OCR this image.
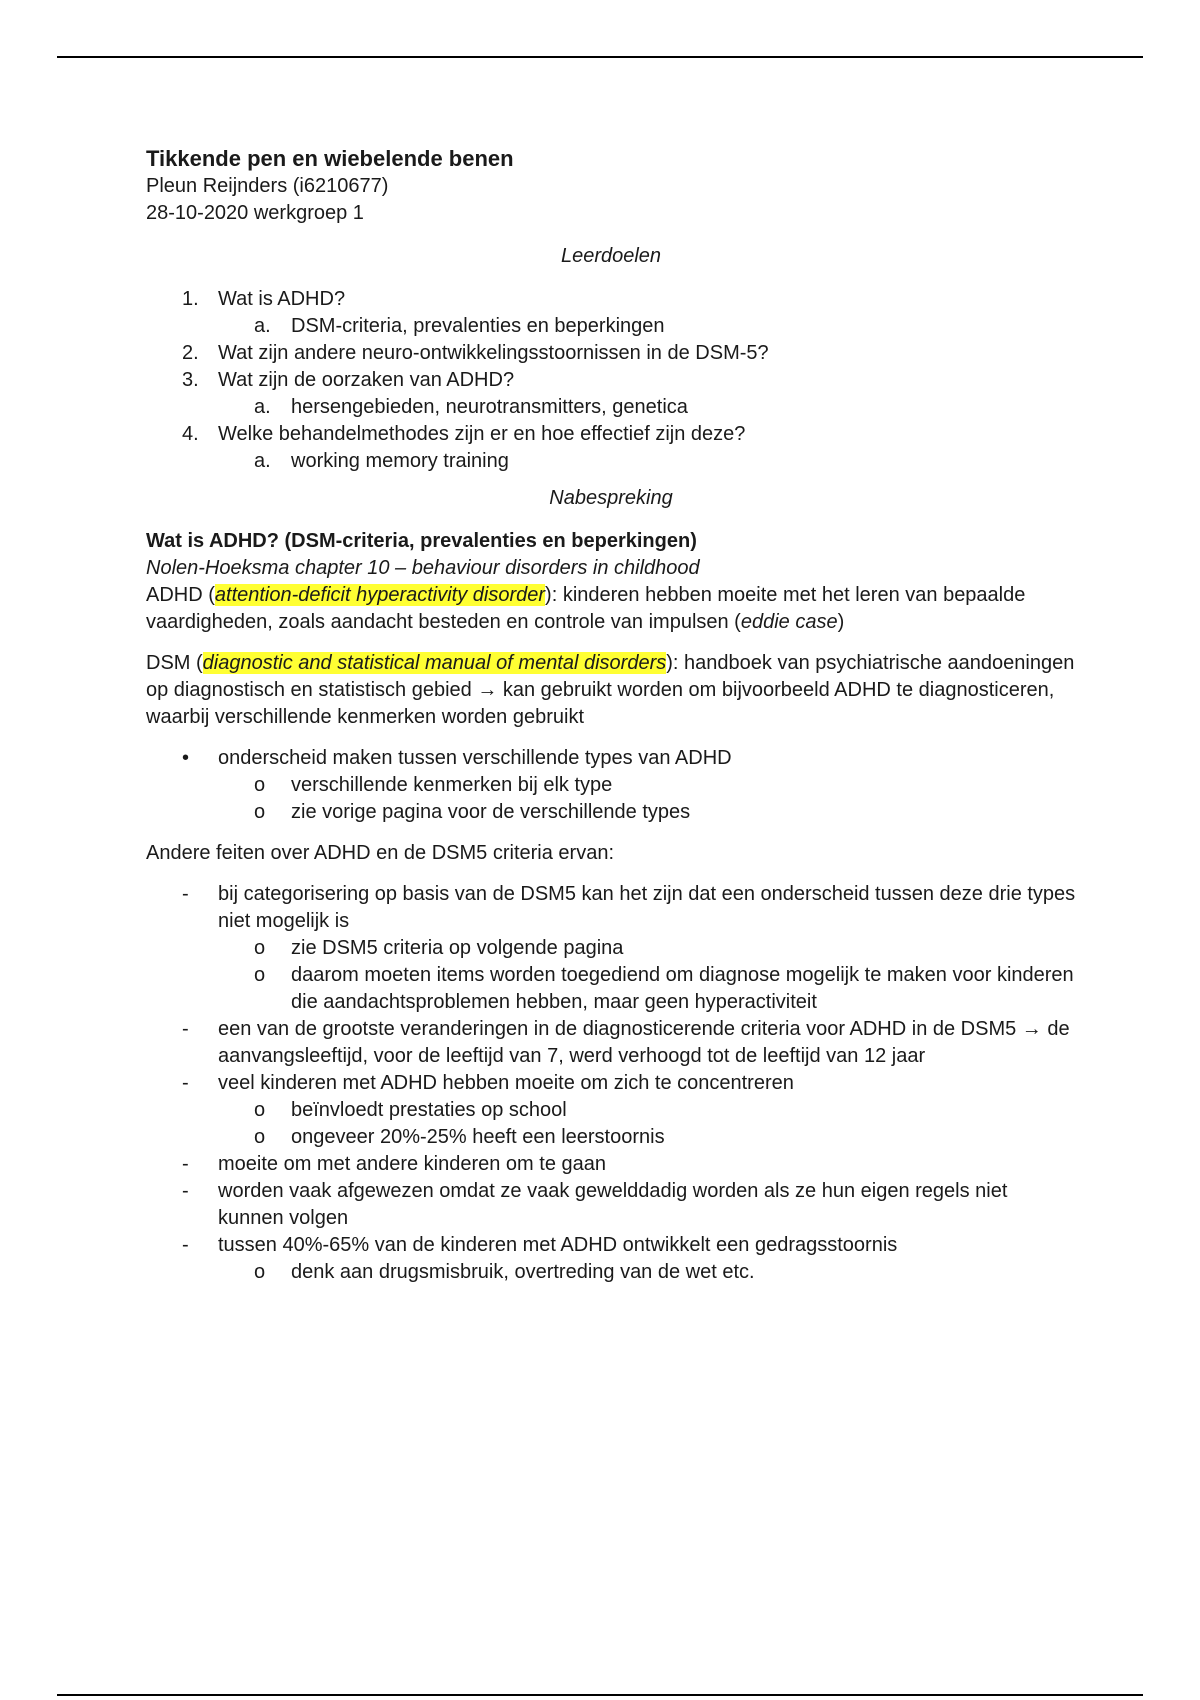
Tikkende pen en wiebelende benen

Pleun Reijnders (i6210677)

28-10-2020 werkgroep 1

Leerdoelen

1. Wat is ADHD?
a. DSM-criteria, prevalenties en beperkingen
2. Wat zijn andere neuro-ontwikkelingsstoornissen in de DSM-5?
3. Wat zijn de oorzaken van ADHD?
a. hersengebieden, neurotransmitters, genetica
4. Welke behandelmethodes zijn er en hoe effectief zijn deze?
a. working memory training

Nabespreking

Wat is ADHD? (DSM-criteria, prevalenties en beperkingen)

Nolen-Hoeksma chapter 10 – behaviour disorders in childhood

ADHD (attention-deficit hyperactivity disorder): kinderen hebben moeite met het leren van bepaalde vaardigheden, zoals aandacht besteden en controle van impulsen (eddie case)

DSM (diagnostic and statistical manual of mental disorders): handboek van psychiatrische aandoeningen op diagnostisch en statistisch gebied → kan gebruikt worden om bijvoorbeeld ADHD te diagnosticeren, waarbij verschillende kenmerken worden gebruikt

• onderscheid maken tussen verschillende types van ADHD
o verschillende kenmerken bij elk type
o zie vorige pagina voor de verschillende types

Andere feiten over ADHD en de DSM5 criteria ervan:

- bij categorisering op basis van de DSM5 kan het zijn dat een onderscheid tussen deze drie types niet mogelijk is
o zie DSM5 criteria op volgende pagina
o daarom moeten items worden toegediend om diagnose mogelijk te maken voor kinderen die aandachtsproblemen hebben, maar geen hyperactiviteit
- een van de grootste veranderingen in de diagnosticerende criteria voor ADHD in de DSM5 → de aanvangsleeftijd, voor de leeftijd van 7, werd verhoogd tot de leeftijd van 12 jaar
- veel kinderen met ADHD hebben moeite om zich te concentreren
o beïnvloedt prestaties op school
o ongeveer 20%-25% heeft een leerstoornis
- moeite om met andere kinderen om te gaan
- worden vaak afgewezen omdat ze vaak gewelddadig worden als ze hun eigen regels niet kunnen volgen
- tussen 40%-65% van de kinderen met ADHD ontwikkelt een gedragsstoornis
o denk aan drugsmisbruik, overtreding van de wet etc.
